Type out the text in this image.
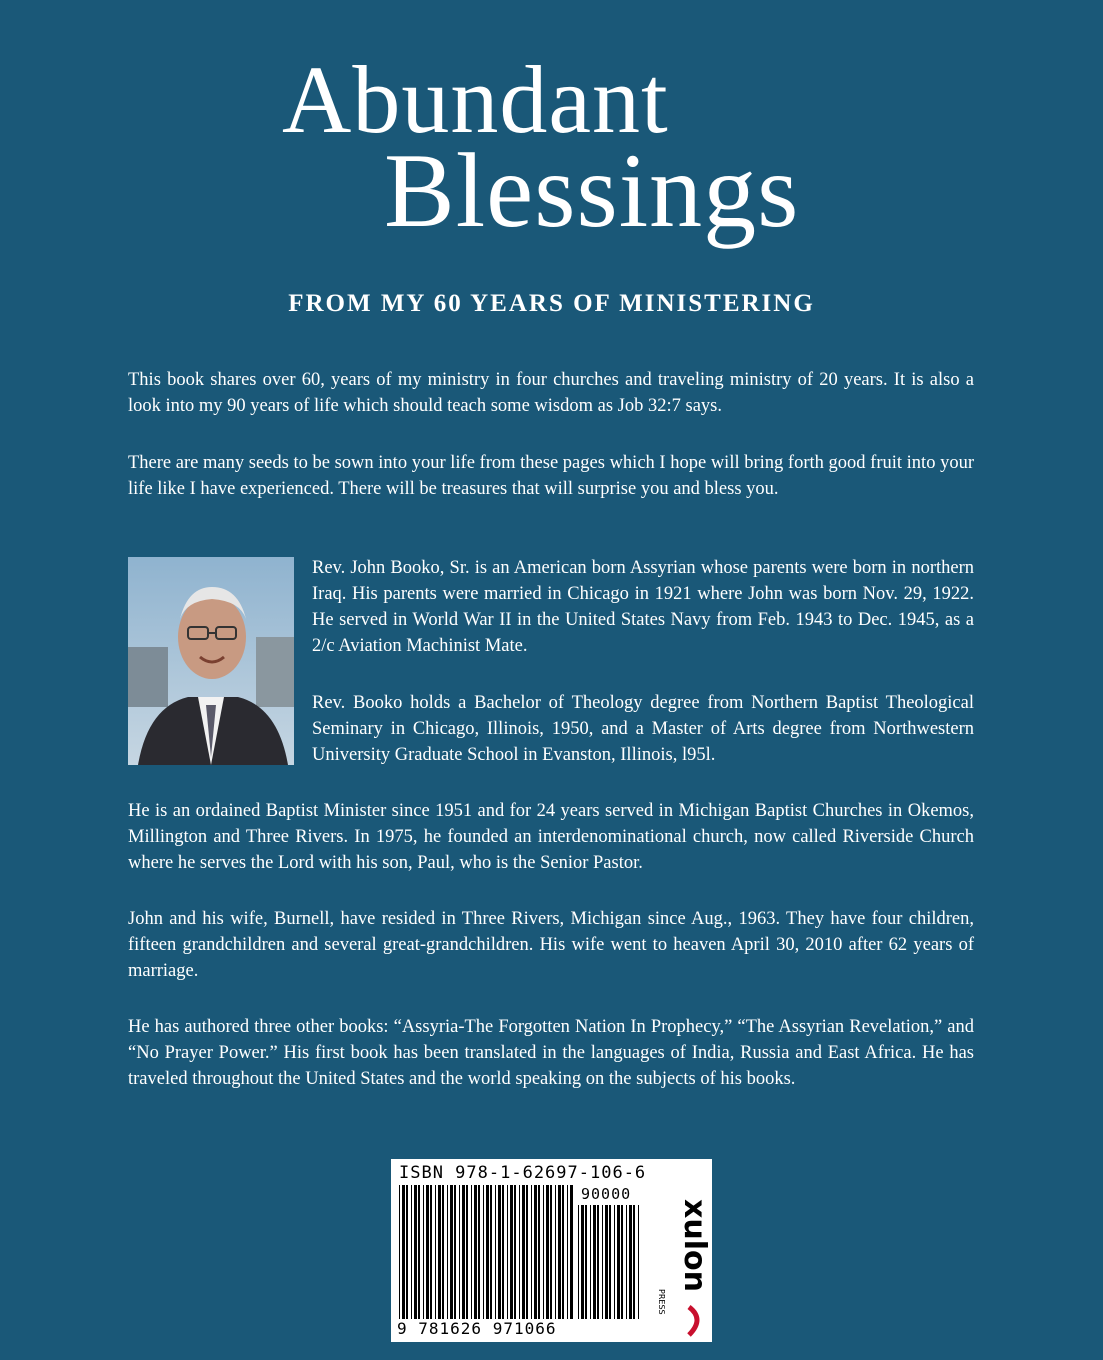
Abundant
Blessings
FROM MY 60 YEARS OF MINISTERING

This book shares over 60, years of my ministry in four churches and traveling ministry of 20 years. It is also a look into my 90 years of life which should teach some wisdom as Job 32:7 says.

There are many seeds to be sown into your life from these pages which I hope will bring forth good fruit into your life like I have experienced. There will be treasures that will surprise you and bless you.

Rev. John Booko, Sr. is an American born Assyrian whose parents were born in northern Iraq. His parents were married in Chicago in 1921 where John was born Nov. 29, 1922. He served in World War II in the United States Navy from Feb. 1943 to Dec. 1945, as a 2/c Aviation Machinist Mate.

Rev. Booko holds a Bachelor of Theology degree from Northern Baptist Theological Seminary in Chicago, Illinois, 1950, and a Master of Arts degree from Northwestern University Graduate School in Evanston, Illinois, l95l.

He is an ordained Baptist Minister since 1951 and for 24 years served in Michigan Baptist Churches in Okemos, Millington and Three Rivers. In 1975, he founded an interdenominational church, now called Riverside Church where he serves the Lord with his son, Paul, who is the Senior Pastor.

John and his wife, Burnell, have resided in Three Rivers, Michigan since Aug., 1963. They have four children, fifteen grandchildren and several great-grandchildren. His wife went to heaven April 30, 2010 after 62 years of marriage.

He has authored three other books: “Assyria-The Forgotten Nation In Prophecy,” “The Assyrian Revelation,” and “No Prayer Power.” His first book has been translated in the languages of India, Russia and East Africa. He has traveled throughout the United States and the world speaking on the subjects of his books.

ISBN 978-1-62697-106-6
90000
9 781626 971066
xulon
PRESS
